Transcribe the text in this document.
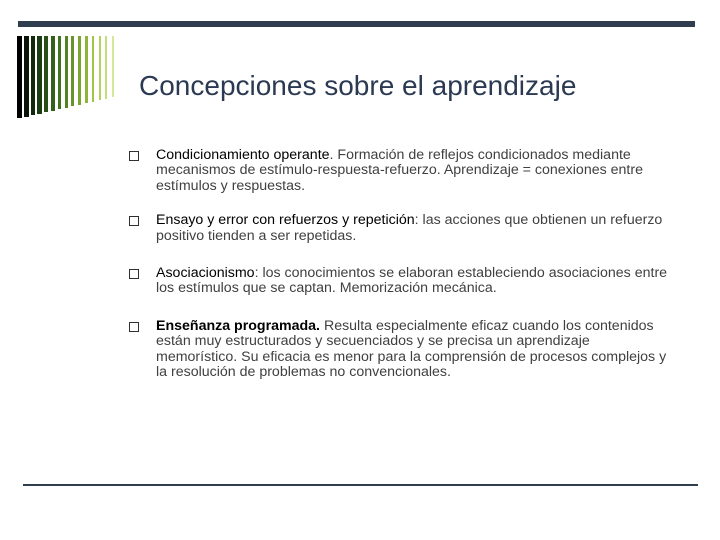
Concepciones sobre el aprendizaje
Condicionamiento operante. Formación de reflejos condicionados mediante mecanismos de estímulo-respuesta-refuerzo. Aprendizaje = conexiones entre estímulos y respuestas.
Ensayo y error con refuerzos y repetición: las acciones que obtienen un refuerzo positivo tienden a ser repetidas.
Asociacionismo: los conocimientos se elaboran estableciendo asociaciones entre los estímulos que se captan. Memorización mecánica.
Enseñanza programada. Resulta especialmente eficaz cuando los contenidos están muy estructurados y secuenciados y se precisa un aprendizaje memorístico. Su eficacia es menor para la comprensión de procesos complejos y la resolución de problemas no convencionales.
